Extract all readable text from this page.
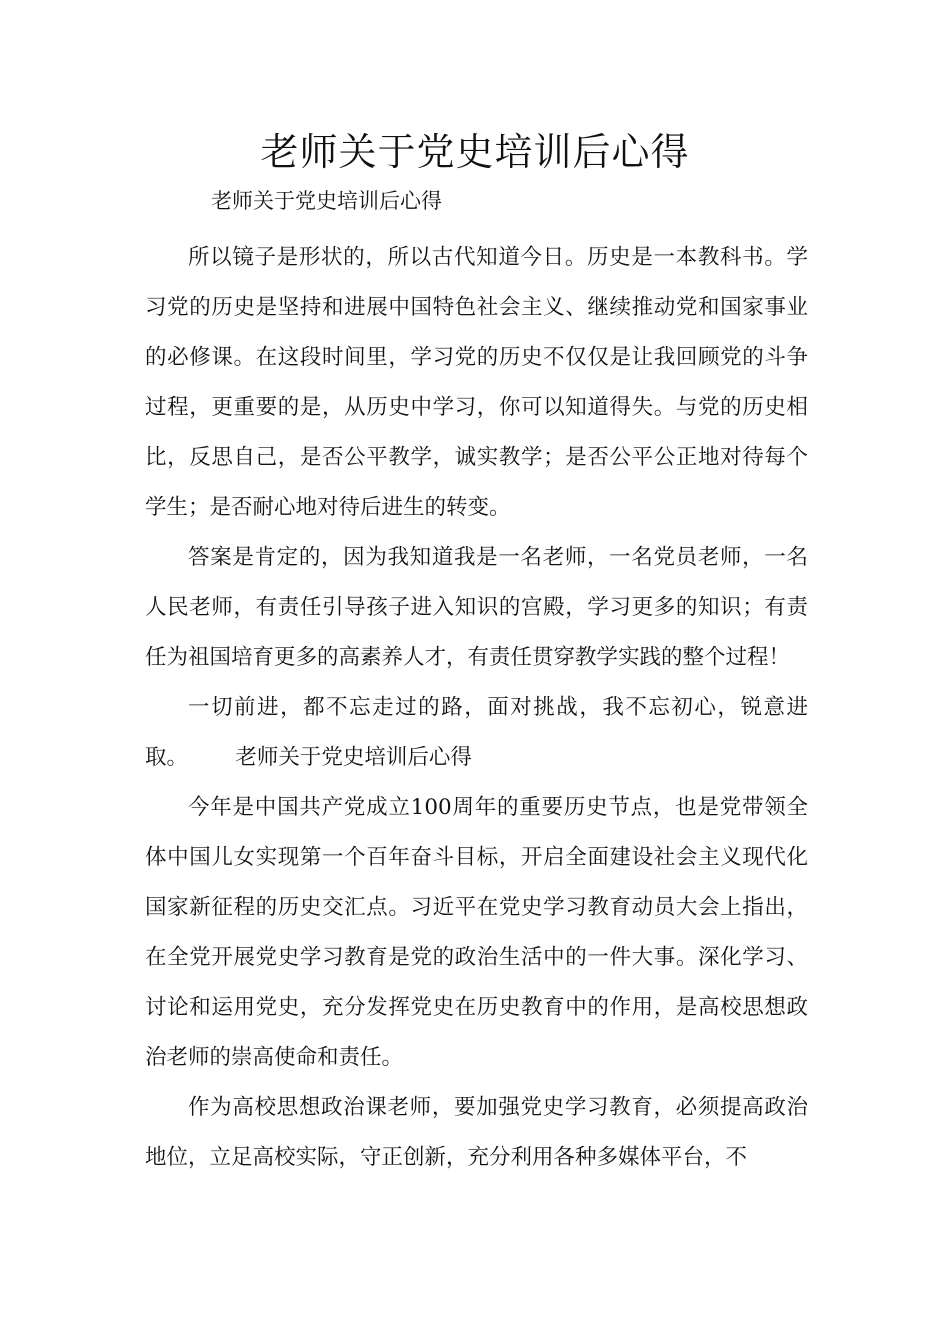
老师关于党史培训后心得
老师关于党史培训后心得

所以镜子是形状的，所以古代知道今日。历史是一本教科书。学习党的历史是坚持和进展中国特色社会主义、继续推动党和国家事业的必修课。在这段时间里，学习党的历史不仅仅是让我回顾党的斗争过程，更重要的是，从历史中学习，你可以知道得失。与党的历史相比，反思自己，是否公平教学，诚实教学；是否公平公正地对待每个学生；是否耐心地对待后进生的转变。

答案是肯定的，因为我知道我是一名老师，一名党员老师，一名人民老师，有责任引导孩子进入知识的宫殿，学习更多的知识；有责任为祖国培育更多的高素养人才，有责任贯穿教学实践的整个过程！

一切前进，都不忘走过的路，面对挑战，我不忘初心，锐意进取。 老师关于党史培训后心得

今年是中国共产党成立100周年的重要历史节点，也是党带领全体中国儿女实现第一个百年奋斗目标，开启全面建设社会主义现代化国家新征程的历史交汇点。习近平在党史学习教育动员大会上指出，在全党开展党史学习教育是党的政治生活中的一件大事。深化学习、讨论和运用党史，充分发挥党史在历史教育中的作用，是高校思想政治老师的崇高使命和责任。

作为高校思想政治课老师，要加强党史学习教育，必须提高政治地位，立足高校实际，守正创新，充分利用各种多媒体平台，不
